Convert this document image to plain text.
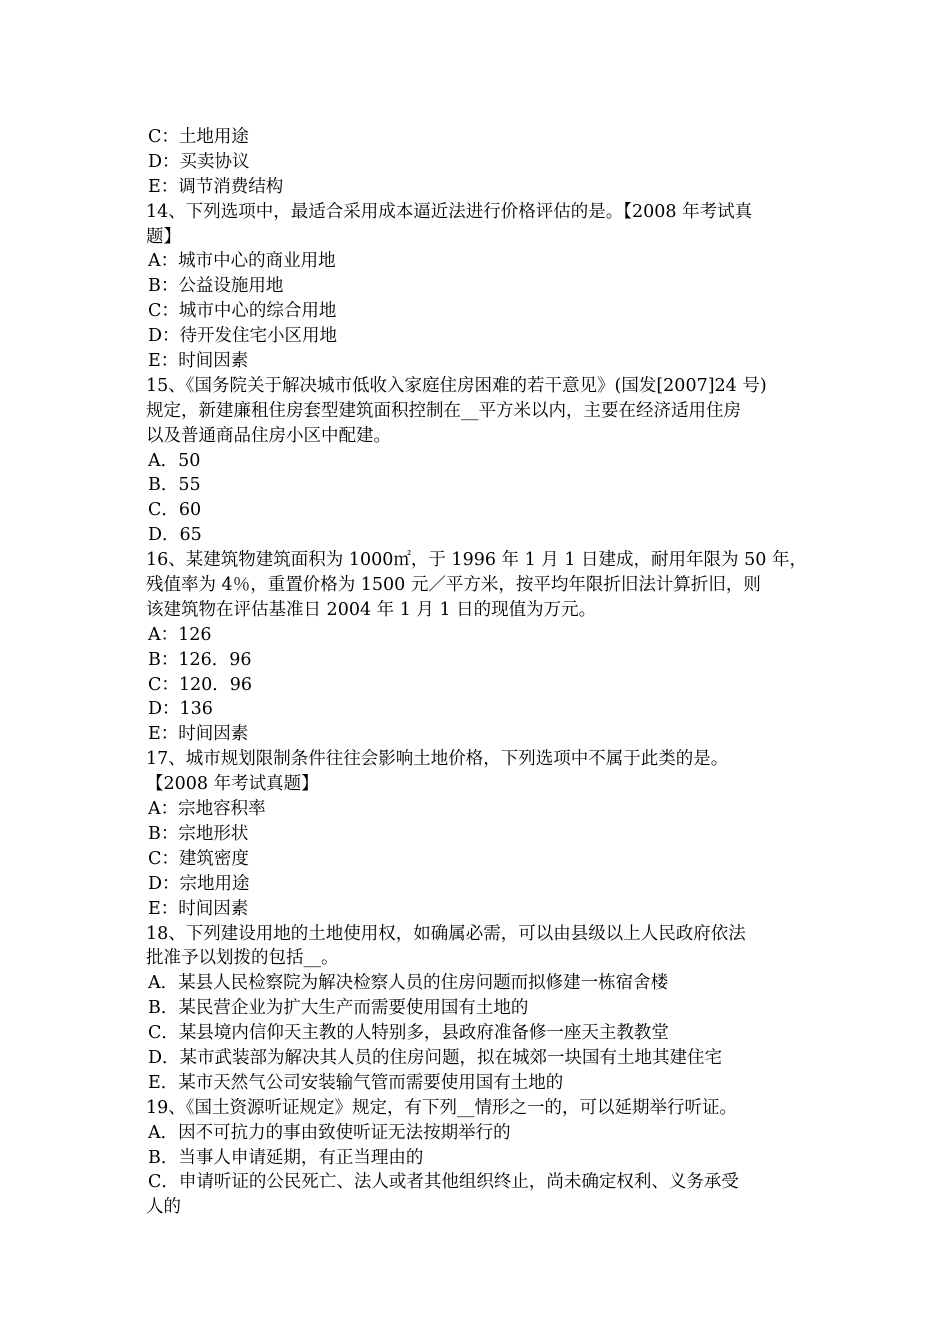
C：土地用途
D：买卖协议
E：调节消费结构
14、下列选项中，最适合采用成本逼近法进行价格评估的是。【2008 年考试真
题】
A：城市中心的商业用地
B：公益设施用地
C：城市中心的综合用地
D：待开发住宅小区用地
E：时间因素
15、《国务院关于解决城市低收入家庭住房困难的若干意见》(国发[2007]24 号)
规定，新建廉租住房套型建筑面积控制在__平方米以内，主要在经济适用住房
以及普通商品住房小区中配建。
A．50
B．55
C．60
D．65
16、某建筑物建筑面积为 1000㎡，于 1996 年 1 月 1 日建成，耐用年限为 50 年，
残值率为 4％，重置价格为 1500 元／平方米，按平均年限折旧法计算折旧，则
该建筑物在评估基准日 2004 年 1 月 1 日的现值为万元。
A：126
B：126．96
C：120．96
D：136
E：时间因素
17、城市规划限制条件往往会影响土地价格，下列选项中不属于此类的是。
【2008 年考试真题】
A：宗地容积率
B：宗地形状
C：建筑密度
D：宗地用途
E：时间因素
18、下列建设用地的土地使用权，如确属必需，可以由县级以上人民政府依法
批准予以划拨的包括__。
A．某县人民检察院为解决检察人员的住房问题而拟修建一栋宿舍楼
B．某民营企业为扩大生产而需要使用国有土地的
C．某县境内信仰天主教的人特别多，县政府准备修一座天主教教堂
D．某市武装部为解决其人员的住房问题，拟在城郊一块国有土地其建住宅
E．某市天然气公司安装输气管而需要使用国有土地的
19、《国土资源听证规定》规定，有下列__情形之一的，可以延期举行听证。
A．因不可抗力的事由致使听证无法按期举行的
B．当事人申请延期，有正当理由的
C．申请听证的公民死亡、法人或者其他组织终止，尚未确定权利、义务承受
人的
